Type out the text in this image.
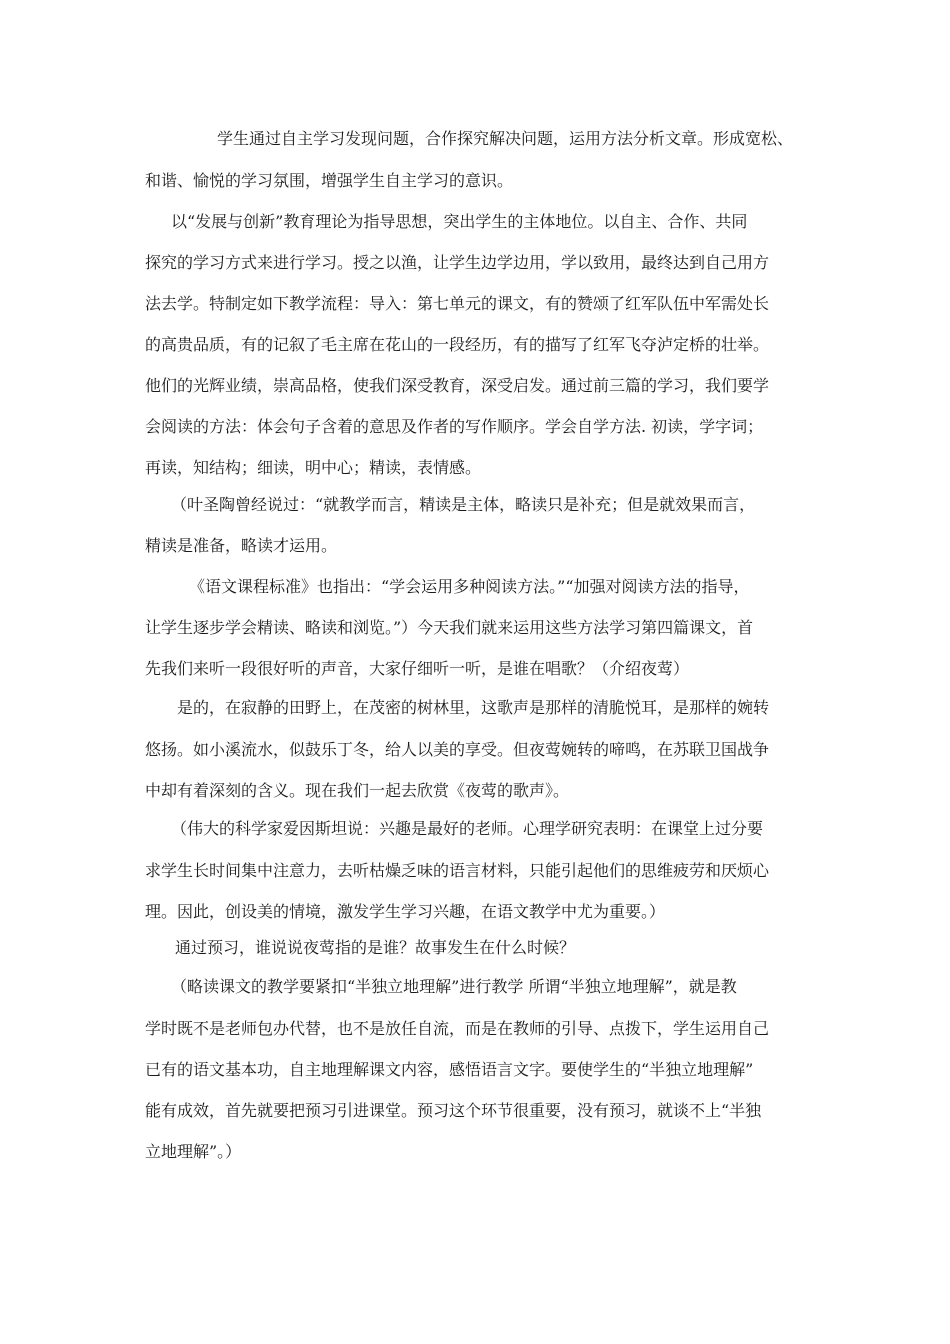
学生通过自主学习发现问题，合作探究解决问题，运用方法分析文章。形成宽松、

和谐、愉悦的学习氛围，增强学生自主学习的意识。

以“发展与创新”教育理论为指导思想，突出学生的主体地位。以自主、合作、共同

探究的学习方式来进行学习。授之以渔，让学生边学边用，学以致用，最终达到自己用方

法去学。特制定如下教学流程：导入：第七单元的课文，有的赞颂了红军队伍中军需处长

的高贵品质，有的记叙了毛主席在花山的一段经历，有的描写了红军飞夺泸定桥的壮举。

他们的光辉业绩，崇高品格，使我们深受教育，深受启发。通过前三篇的学习，我们要学

会阅读的方法：体会句子含着的意思及作者的写作顺序。学会自学方法. 初读，学字词；

再读，知结构；细读，明中心；精读，表情感。

（叶圣陶曾经说过：“就教学而言，精读是主体，略读只是补充；但是就效果而言，

精读是准备，略读才运用。

《语文课程标准》也指出：“学会运用多种阅读方法。”“加强对阅读方法的指导，

让学生逐步学会精读、略读和浏览。”）今天我们就来运用这些方法学习第四篇课文，首

先我们来听一段很好听的声音，大家仔细听一听，是谁在唱歌？（介绍夜莺）

是的，在寂静的田野上，在茂密的树林里，这歌声是那样的清脆悦耳，是那样的婉转

悠扬。如小溪流水，似鼓乐丁冬，给人以美的享受。但夜莺婉转的啼鸣，在苏联卫国战争

中却有着深刻的含义。现在我们一起去欣赏《夜莺的歌声》。

（伟大的科学家爱因斯坦说：兴趣是最好的老师。心理学研究表明：在课堂上过分要

求学生长时间集中注意力，去听枯燥乏味的语言材料，只能引起他们的思维疲劳和厌烦心

理。因此，创设美的情境，激发学生学习兴趣，在语文教学中尤为重要。）

通过预习，谁说说夜莺指的是谁？故事发生在什么时候？

（略读课文的教学要紧扣“半独立地理解”进行教学 所谓“半独立地理解”，就是教

学时既不是老师包办代替，也不是放任自流，而是在教师的引导、点拨下，学生运用自己

已有的语文基本功，自主地理解课文内容，感悟语言文字。要使学生的“半独立地理解”

能有成效，首先就要把预习引进课堂。预习这个环节很重要，没有预习，就谈不上“半独

立地理解”。）
